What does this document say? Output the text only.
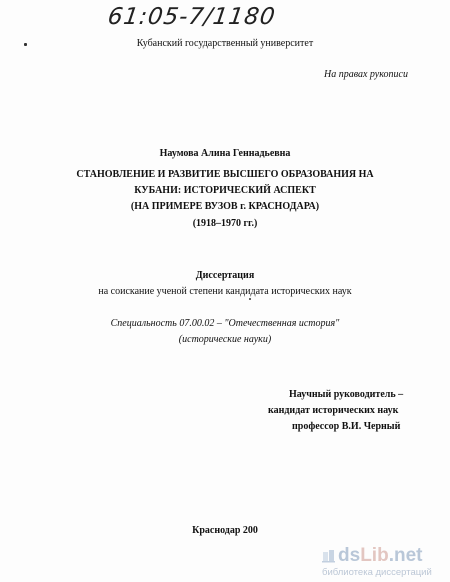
61:05-7/1180
Кубанский государственный университет
На правах рукописи
Наумова Алина Геннадьевна
СТАНОВЛЕНИЕ И РАЗВИТИЕ ВЫСШЕГО ОБРАЗОВАНИЯ НА
КУБАНИ: ИСТОРИЧЕСКИЙ АСПЕКТ
(НА ПРИМЕРЕ ВУЗОВ г. КРАСНОДАРА)
(1918–1970 гг.)
Диссертация
на соискание ученой степени кандидата исторических наук
Специальность 07.00.02 – "Отечественная история"
(исторические науки)
Научный руководитель –
кандидат исторических наук
профессор В.И. Черный
Краснодар 200
dsLib.net
библиотека диссертаций
